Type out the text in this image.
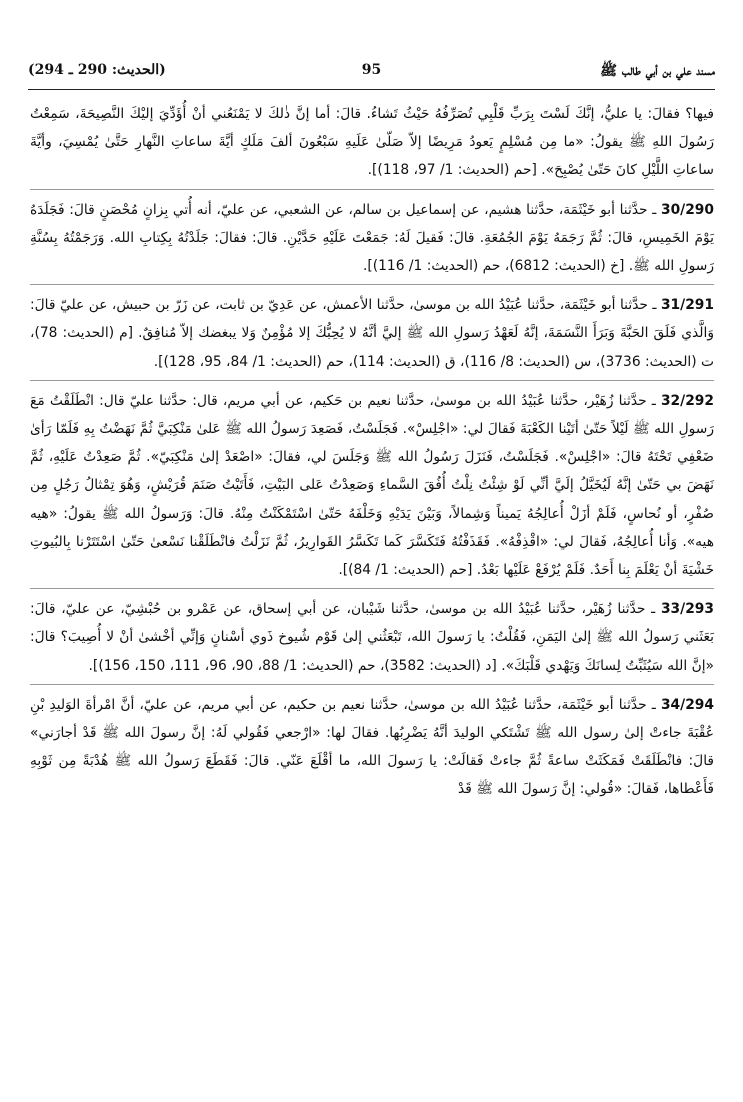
مسند علي بن أبي طالب ﷺ
95
(الحديث: 290 ـ 294)

فيها؟ فقالَ: يا عليُّ، إنَّكَ لَسْتَ بِرَبِّ قَلْبِي تُصَرِّفُهُ حَيْثُ تَشاءُ. قالَ: أما إنَّ ذٰلكَ لا يَمْنَعُني أنْ أُؤَدِّيَ إليْكَ النَّصِيحَةَ، سَمِعْتُ رَسُولَ اللهِ ﷺ يقولُ: «ما مِن مُسْلِمٍ يَعودُ مَرِيضًا إلاّ صَلّىٰ عَلَيهِ سَبْعُونَ ألفَ مَلَكٍ أيَّةَ ساعاتِ النَّهارِ حَتَّىٰ يُمْسِيَ، وأيَّةَ ساعاتِ اللَّيْلِ كانَ حَتّىٰ يُصْبِحَ». [حم (الحديث: 1/ 97، 118)].

30/290 ـ حدَّثنا أبو خَيْثَمَة، حدَّثنا هشيم، عن إسماعيل بن سالم، عن الشعبي، عن عليّ، أنه أُتي بِزانٍ مُحْصَنٍ قالَ: فَجَلَدَهُ يَوْمَ الخَمِيسِ، قالَ: ثُمَّ رَجَمَهُ يَوْمَ الجُمُعَةِ. قالَ: فَقيلَ لَهُ: جَمَعْتَ عَلَيْهِ حَدَّيْنِ. قالَ: فقالَ: جَلَدْتُهُ بِكِتابِ الله. وَرَجَمْتُهُ بِسُنَّةِ رَسولِ الله ﷺ. [خ (الحديث: 6812)، حم (الحديث: 1/ 116)].

31/291 ـ حدَّثنا أبو خَيْثَمَة، حدَّثنا عُبَيْدُ الله بن موسىٰ، حدَّثنا الأعمش، عن عَدِيّ بن ثابت، عن زَرّ بن حبيش، عن عليّ قالَ: وَالَّذي فَلَقَ الحَبَّةَ وَبَرَأَ النَّسَمَةَ، إنَّهُ لَعَهْدُ رَسولِ الله ﷺ إليَّ أنَّهُ لا يُحِبُّكَ إلا مُؤْمِنٌ وَلا يبغضك إلاّ مُنافِقٌ. [م (الحديث: 78)، ت (الحديث: 3736)، س (الحديث: 8/ 116)، ق (الحديث: 114)، حم (الحديث: 1/ 84، 95، 128)].

32/292 ـ حدَّثنا زُهَيْر، حدَّثنا عُبَيْدُ الله بن موسىٰ، حدَّثنا نعيم بن حَكيم، عن أبي مريم، قال: حدَّثنا عليّ قال: انْطَلَقْتُ مَعَ رَسولِ الله ﷺ لَيْلاً حَتّىٰ أتَيْنا الكَعْبَةَ فَقالَ لي: «اجْلِسْ». فَجَلَسْتُ، فَصَعِدَ رَسولُ الله ﷺ عَلىٰ مَنْكِبَيَّ ثُمَّ نَهَضْتُ بِهِ فَلَمّا رَأىٰ ضَعْفِي تَحْتَهُ قالَ: «اجْلِسْ». فَجَلَسْتُ، فَنَزَلَ رَسُولُ الله ﷺ وَجَلَسَ لي، فقالَ: «اصْعَدْ إلىٰ مَنْكِبَيّ». ثُمَّ صَعِدْتُ عَلَيْهِ، ثُمَّ نَهَضَ بي حَتّىٰ إنَّهُ لَيُخَيَّلُ إلَيَّ أنِّي لَوْ شِئْتُ نِلْتُ أُفُقَ السَّماءِ وَصَعِدْتُ عَلى البَيْتِ، فَأَتَيْتُ صَنَمَ قُرَيْشٍ، وَهُوَ تِمْثالُ رَجُلٍ مِن صُفْرٍ، أو نُحاسٍ، فَلَمْ أزَلْ أُعالِجُهُ يَميناً وَشِمالاً، وَبَيْنَ يَدَيْهِ وَخَلْفَهُ حَتّىٰ اسْتَمْكَنْتُ مِنْهُ. قالَ: وَرَسولُ الله ﷺ يقولُ: «هيه هيه». وَأنا أُعالِجُهُ، فَقالَ لي: «اقْذِفْهُ». فَقَذَفْتُهُ فَتَكَسَّرَ كَما تَكَسَّرُ القَوارِيرُ، ثُمَّ نَزَلْتُ فانْطَلَقْنا نَسْعىٰ حَتّىٰ اسْتَتَرْنا بِالبُيوتِ خَشْيَةَ أنْ يَعْلَمَ بِنا أَحَدٌ. فَلَمْ يُرْفَعْ عَلَيْها بَعْدُ. [حم (الحديث: 1/ 84)].

33/293 ـ حدَّثنا زُهَيْر، حدَّثنا عُبَيْدُ الله بن موسىٰ، حدَّثنا شَيْبان، عن أبي إسحاق، عن عَمْرو بن حُبْشِيّ، عن عليّ، قالَ: بَعَثَني رَسولُ الله ﷺ إلىٰ اليَمَنِ، فَقُلْتُ: يا رَسولَ الله، تَبْعَثُني إلىٰ قَوْم شُيوخ ذَوي أسْنانٍ وَإنِّي أخْشىٰ أنْ لا أُصِيبَ؟ قالَ: «إنَّ الله سَيُثَبِّتُ لِسانَكَ وَيَهْدي قَلْبَكَ». [د (الحديث: 3582)، حم (الحديث: 1/ 88، 90، 96، 111، 150، 156)].

34/294 ـ حدَّثنا أبو خَيْثَمَة، حدَّثنا عُبَيْدُ الله بن موسىٰ، حدَّثنا نعيم بن حكيم، عن أبي مريم، عن عليّ، أنَّ امْرأةَ الوَليدِ بْنِ عُقْبَةَ جاءتْ إلىٰ رسول الله ﷺ تَشْتَكي الوليدَ أنَّهُ يَضْرِبُها. فقالَ لها: «ارْجعي فَقُولي لَهُ: إنَّ رسولَ الله ﷺ قَدْ أجارَني» قالَ: فانْطَلَقَتْ فَمَكَثَتْ ساعةً ثُمَّ جاءتْ فَقالَتْ: يا رَسولَ الله، ما أقْلَعَ عَنّي. قالَ: فَقَطَعَ رَسولُ الله ﷺ هُدْبَةً مِن ثَوْبِهِ فَأَعْطاها، فَقالَ: «قُولي: إنَّ رَسولَ الله ﷺ قَدْ
